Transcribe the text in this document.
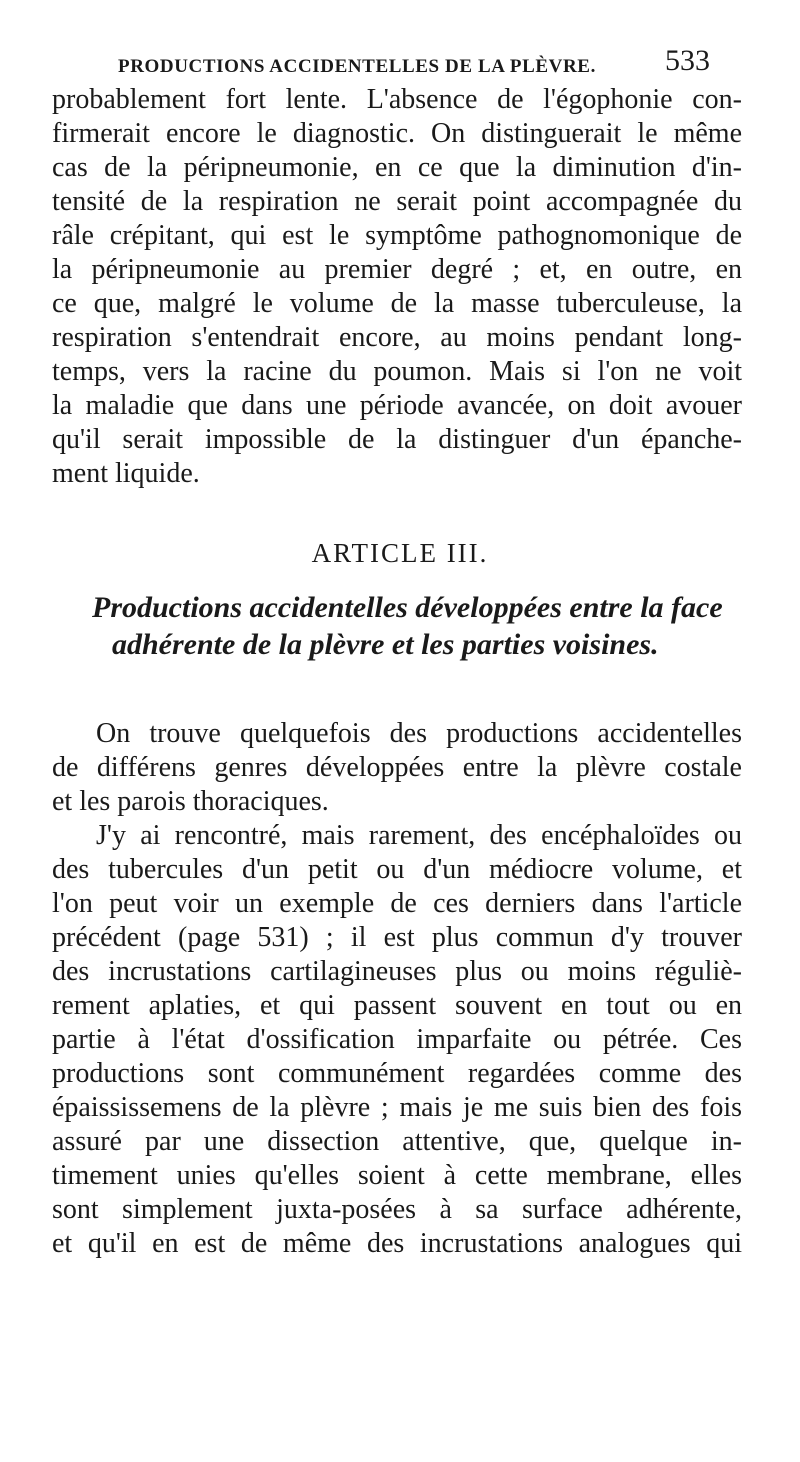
PRODUCTIONS ACCIDENTELLES DE LA PLÈVRE.	533
probablement fort lente. L'absence de l'égophonie con-
firmerait encore le diagnostic. On distinguerait le même
cas de la péripneumonie, en ce que la diminution d'in-
tensité de la respiration ne serait point accompagnée du
râle crépitant, qui est le symptôme pathognomonique de
la péripneumonie au premier degré ; et, en outre, en
ce que, malgré le volume de la masse tuberculeuse, la
respiration s'entendrait encore, au moins pendant long-
temps, vers la racine du poumon. Mais si l'on ne voit
la maladie que dans une période avancée, on doit avouer
qu'il serait impossible de la distinguer d'un épanche-
ment liquide.
ARTICLE III.
Productions accidentelles développées entre la face
adhérente de la plèvre et les parties voisines.
On trouve quelquefois des productions accidentelles
de différens genres développées entre la plèvre costale
et les parois thoraciques.
J'y ai rencontré, mais rarement, des encéphaloïdes ou
des tubercules d'un petit ou d'un médiocre volume, et
l'on peut voir un exemple de ces derniers dans l'article
précédent (page 531) ; il est plus commun d'y trouver
des incrustations cartilagineuses plus ou moins réguliè-
rement aplaties, et qui passent souvent en tout ou en
partie à l'état d'ossification imparfaite ou pétrée. Ces
productions sont communément regardées comme des
épaississemens de la plèvre ; mais je me suis bien des fois
assuré par une dissection attentive, que, quelque in-
timement unies qu'elles soient à cette membrane, elles
sont simplement juxta-posées à sa surface adhérente,
et qu'il en est de même des incrustations analogues qui
